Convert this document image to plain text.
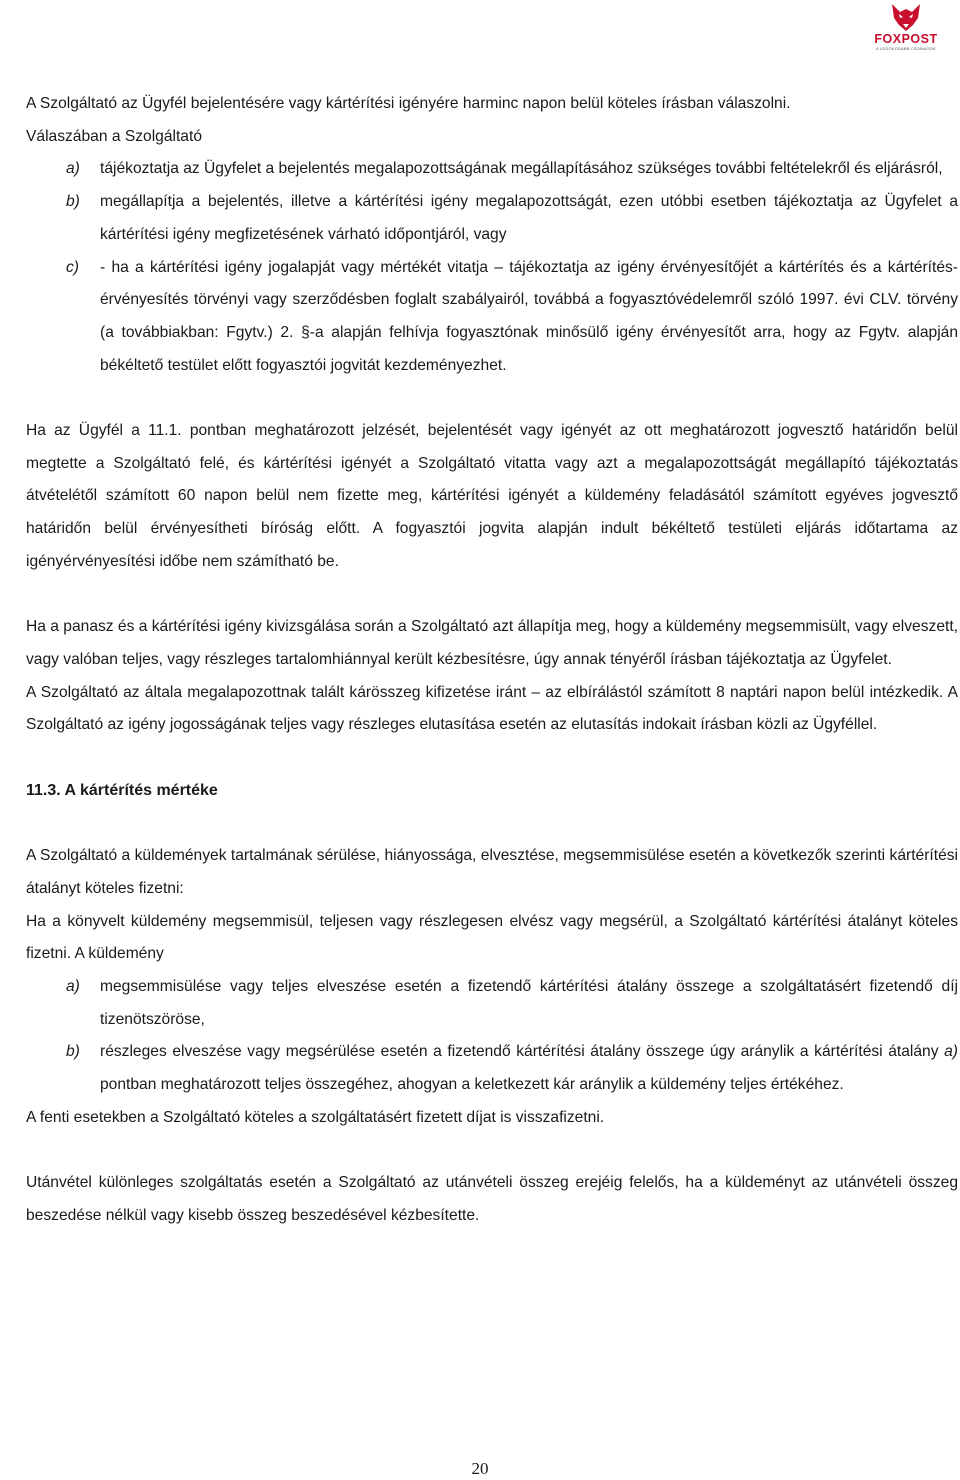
FOXPOST
A LEGOKOSABB CSOMAGOK

A Szolgáltató az Ügyfél bejelentésére vagy kártérítési igényére harminc napon belül köteles írásban válaszolni.

Válaszában a Szolgáltató

a) tájékoztatja az Ügyfelet a bejelentés megalapozottságának megállapításához szükséges további feltételekről és eljárásról,
b) megállapítja a bejelentés, illetve a kártérítési igény megalapozottságát, ezen utóbbi esetben tájékoztatja az Ügyfelet a kártérítési igény megfizetésének várható időpontjáról, vagy
c) - ha a kártérítési igény jogalapját vagy mértékét vitatja – tájékoztatja az igény érvényesítőjét a kártérítés és a kártérítés-érvényesítés törvényi vagy szerződésben foglalt szabályairól, továbbá a fogyasztóvédelemről szóló 1997. évi CLV. törvény (a továbbiakban: Fgytv.) 2. §-a alapján felhívja fogyasztónak minősülő igény érvényesítőt arra, hogy az Fgytv. alapján békéltető testület előtt fogyasztói jogvitát kezdeményezhet.

Ha az Ügyfél a 11.1. pontban meghatározott jelzését, bejelentését vagy igényét az ott meghatározott jogvesztő határidőn belül megtette a Szolgáltató felé, és kártérítési igényét a Szolgáltató vitatta vagy azt a megalapozottságát megállapító tájékoztatás átvételétől számított 60 napon belül nem fizette meg, kártérítési igényét a küldemény feladásától számított egyéves jogvesztő határidőn belül érvényesítheti bíróság előtt. A fogyasztói jogvita alapján indult békéltető testületi eljárás időtartama az igényérvényesítési időbe nem számítható be.

Ha a panasz és a kártérítési igény kivizsgálása során a Szolgáltató azt állapítja meg, hogy a küldemény megsemmisült, vagy elveszett, vagy valóban teljes, vagy részleges tartalomhiánnyal került kézbesítésre, úgy annak tényéről írásban tájékoztatja az Ügyfelet.

A Szolgáltató az általa megalapozottnak talált kárösszeg kifizetése iránt – az elbírálástól számított 8 naptári napon belül intézkedik. A Szolgáltató az igény jogosságának teljes vagy részleges elutasítása esetén az elutasítás indokait írásban közli az Ügyféllel.

11.3. A kártérítés mértéke

A Szolgáltató a küldemények tartalmának sérülése, hiányossága, elvesztése, megsemmisülése esetén a következők szerinti kártérítési átalányt köteles fizetni:

Ha a könyvelt küldemény megsemmisül, teljesen vagy részlegesen elvész vagy megsérül, a Szolgáltató kártérítési átalányt köteles fizetni. A küldemény

a) megsemmisülése vagy teljes elveszése esetén a fizetendő kártérítési átalány összege a szolgáltatásért fizetendő díj tizenötszöröse,
b) részleges elveszése vagy megsérülése esetén a fizetendő kártérítési átalány összege úgy aránylik a kártérítési átalány a) pontban meghatározott teljes összegéhez, ahogyan a keletkezett kár aránylik a küldemény teljes értékéhez.

A fenti esetekben a Szolgáltató köteles a szolgáltatásért fizetett díjat is visszafizetni.

Utánvétel különleges szolgáltatás esetén a Szolgáltató az utánvételi összeg erejéig felelős, ha a küldeményt az utánvételi összeg beszedése nélkül vagy kisebb összeg beszedésével kézbesítette.

20
